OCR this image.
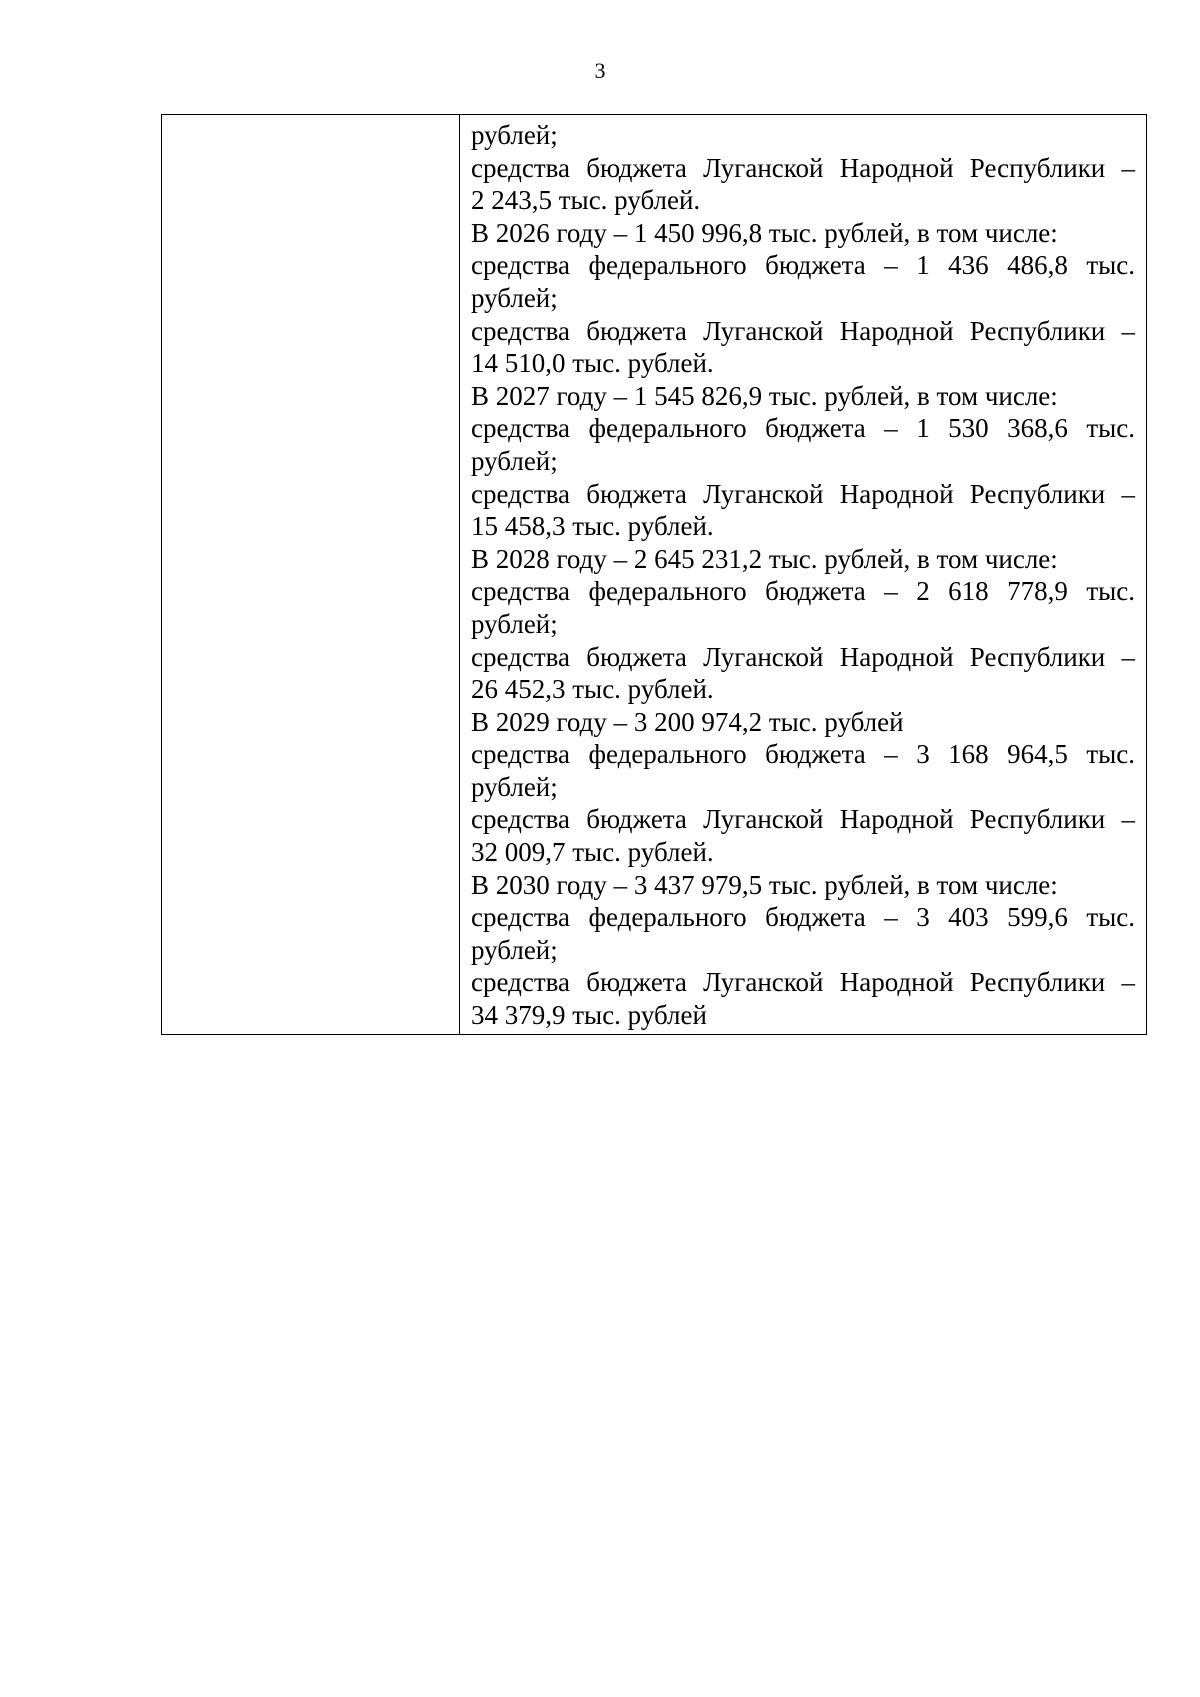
3

рублей;
средства бюджета Луганской Народной Республики –
2 243,5 тыс. рублей.
В 2026 году – 1 450 996,8 тыс. рублей, в том числе:
средства федерального бюджета – 1 436 486,8 тыс.
рублей;
средства бюджета Луганской Народной Республики –
14 510,0 тыс. рублей.
В 2027 году – 1 545 826,9 тыс. рублей, в том числе:
средства федерального бюджета – 1 530 368,6 тыс.
рублей;
средства бюджета Луганской Народной Республики –
15 458,3 тыс. рублей.
В 2028 году – 2 645 231,2 тыс. рублей, в том числе:
средства федерального бюджета – 2 618 778,9 тыс.
рублей;
средства бюджета Луганской Народной Республики –
26 452,3 тыс. рублей.
В 2029 году – 3 200 974,2 тыс. рублей
средства федерального бюджета – 3 168 964,5 тыс.
рублей;
средства бюджета Луганской Народной Республики –
32 009,7 тыс. рублей.
В 2030 году – 3 437 979,5 тыс. рублей, в том числе:
средства федерального бюджета – 3 403 599,6 тыс.
рублей;
средства бюджета Луганской Народной Республики –
34 379,9 тыс. рублей
